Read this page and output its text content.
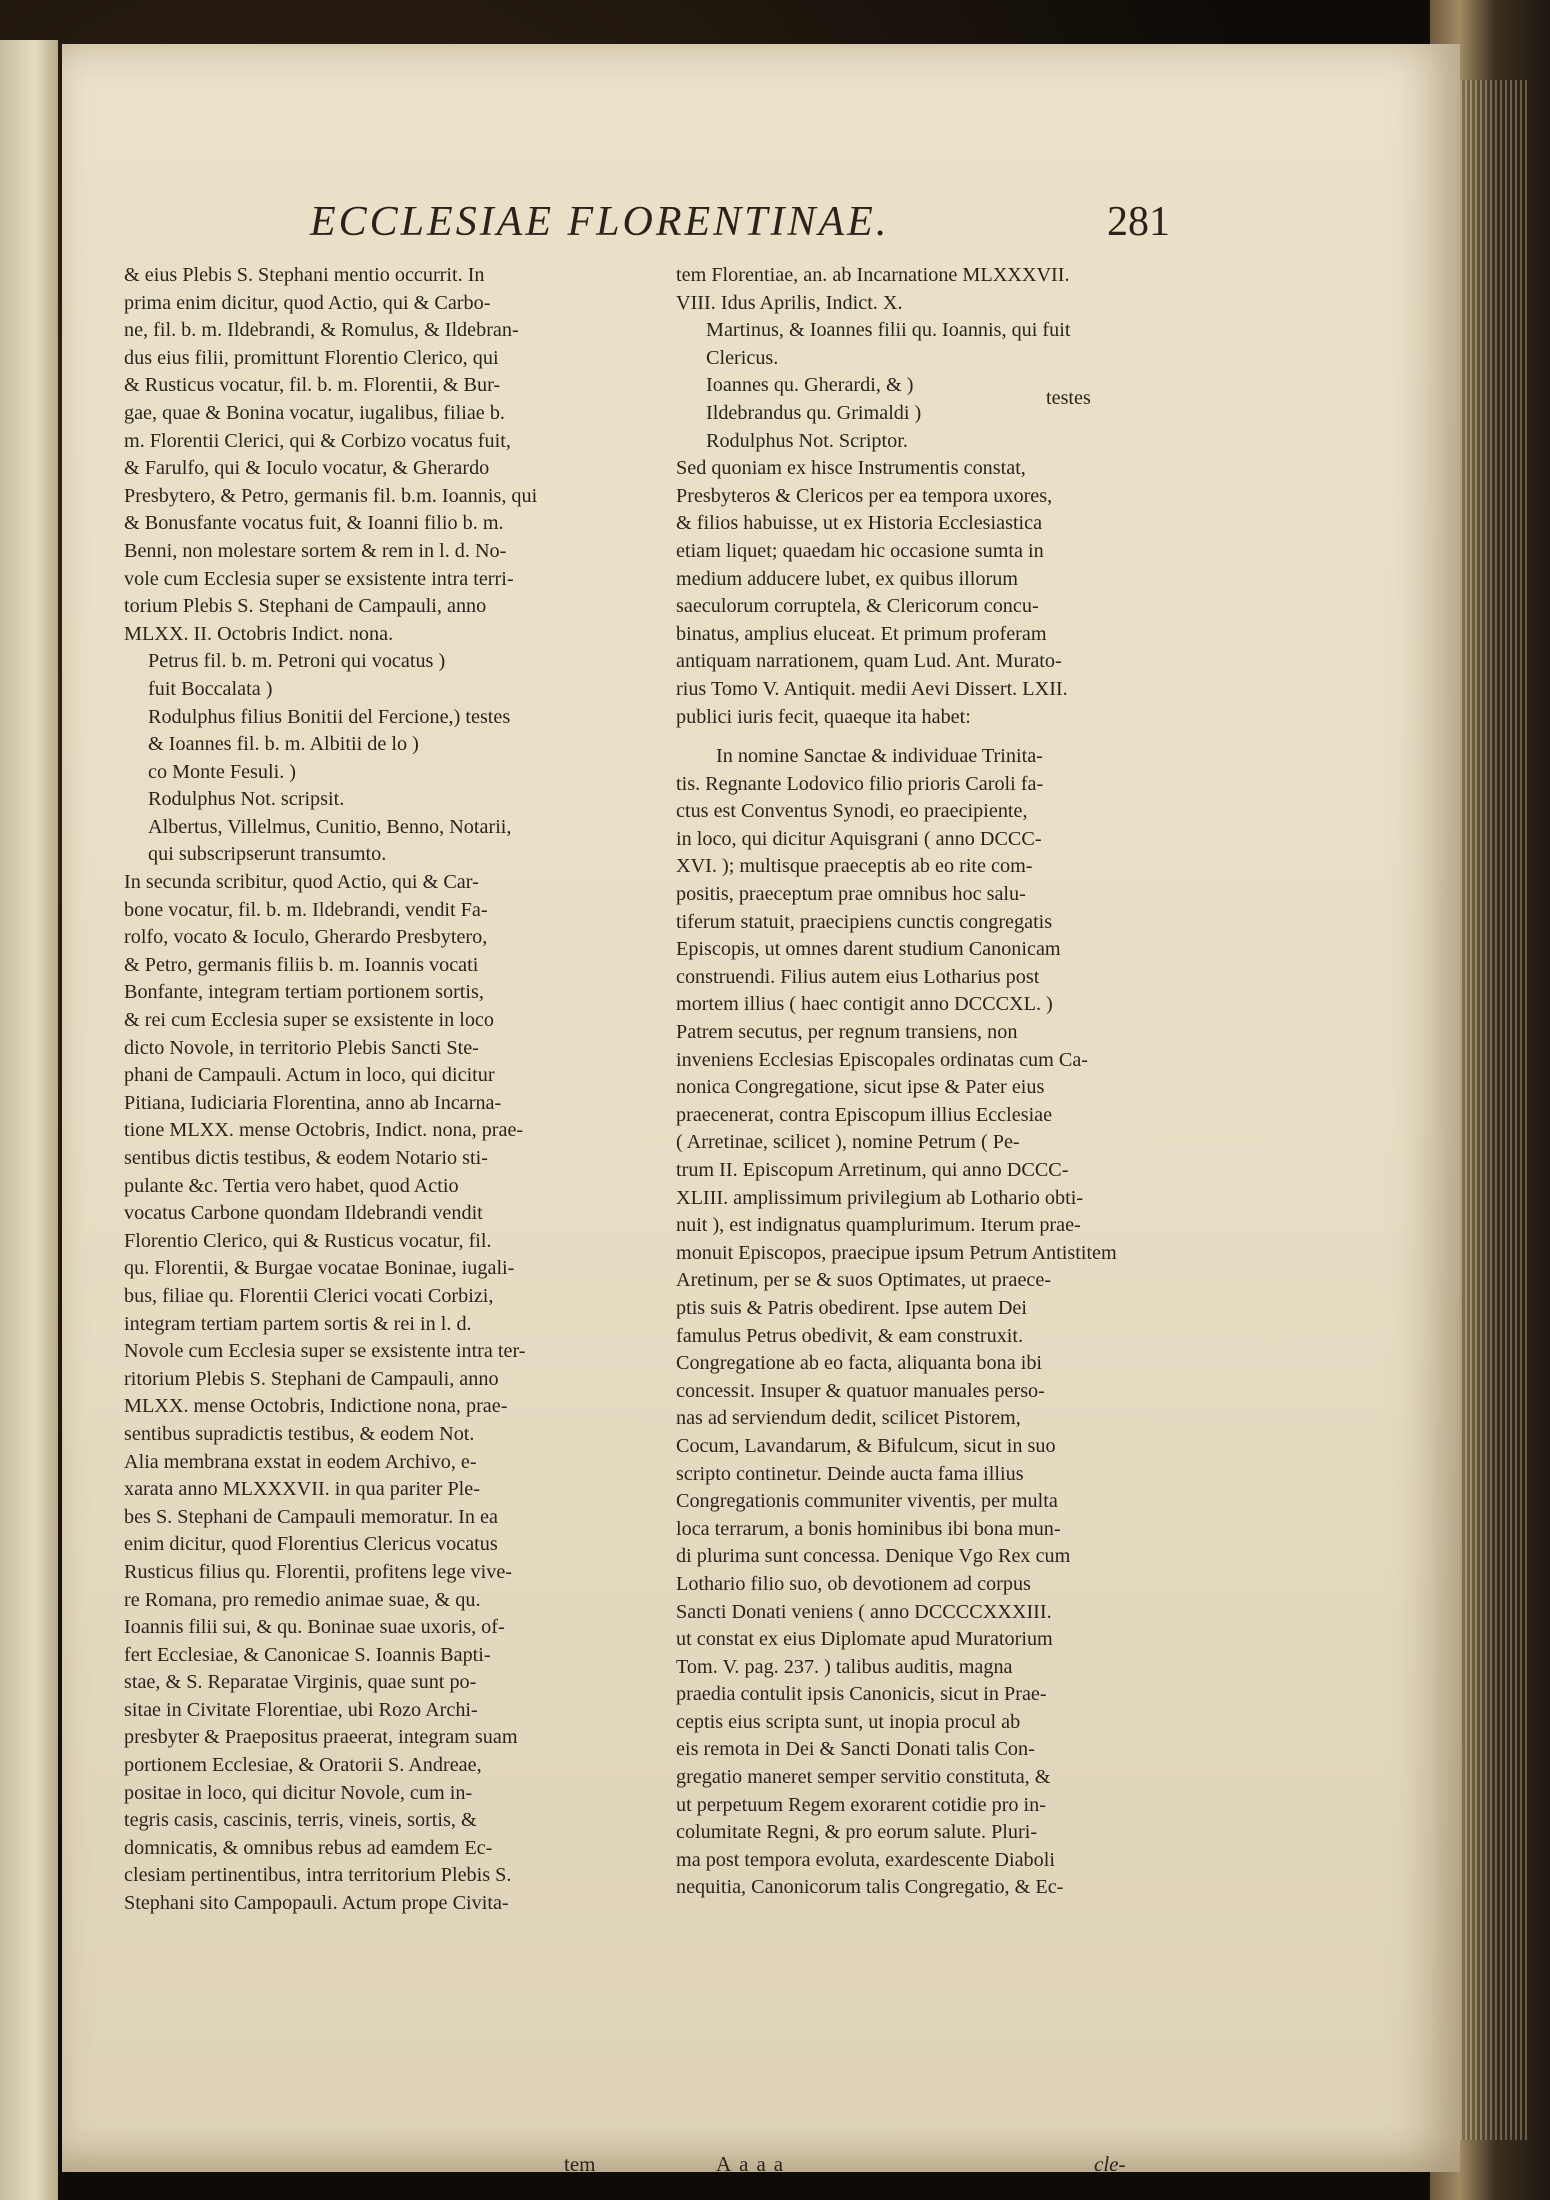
ECCLESIAE FLORENTINAE.	281
& eius Plebis S. Stephani mentio occurrit. In
prima enim dicitur, quod Actio, qui & Carbo-
ne, fil. b. m. Ildebrandi, & Romulus, & Ildebran-
dus eius filii, promittunt Florentio Clerico, qui
& Rusticus vocatur, fil. b. m. Florentii, & Bur-
gae, quae & Bonina vocatur, iugalibus, filiae b.
m. Florentii Clerici, qui & Corbizo vocatus fuit,
& Farulfo, qui & Ioculo vocatur, & Gherardo
Presbytero, & Petro, germanis fil. b.m. Ioannis, qui
& Bonusfante vocatus fuit, & Ioanni filio b. m.
Benni, non molestare sortem & rem in l. d. No-
vole cum Ecclesia super se exsistente intra terri-
torium Plebis S. Stephani de Campauli, anno
MLXX. II. Octobris Indict. nona.
Petrus fil. b. m. Petroni qui vocatus )
fuit Boccalata )
Rodulphus filius Bonitii del Fercione,) testes
& Ioannes fil. b. m. Albitii de lo )
co Monte Fesuli. )
Rodulphus Not. scripsit.
Albertus, Villelmus, Cunitio, Benno, Notarii,
qui subscripserunt transumto.
In secunda scribitur, quod Actio, qui & Car-
bone vocatur, fil. b. m. Ildebrandi, vendit Fa-
rolfo, vocato & Ioculo, Gherardo Presbytero,
& Petro, germanis filiis b. m. Ioannis vocati
Bonfante, integram tertiam portionem sortis,
& rei cum Ecclesia super se exsistente in loco
dicto Novole, in territorio Plebis Sancti Ste-
phani de Campauli. Actum in loco, qui dicitur
Pitiana, Iudiciaria Florentina, anno ab Incarna-
tione MLXX. mense Octobris, Indict. nona, prae-
sentibus dictis testibus, & eodem Notario sti-
pulante &c. Tertia vero habet, quod Actio
vocatus Carbone quondam Ildebrandi vendit
Florentio Clerico, qui & Rusticus vocatur, fil.
qu. Florentii, & Burgae vocatae Boninae, iugali-
bus, filiae qu. Florentii Clerici vocati Corbizi,
integram tertiam partem sortis & rei in l. d.
Novole cum Ecclesia super se exsistente intra ter-
ritorium Plebis S. Stephani de Campauli, anno
MLXX. mense Octobris, Indictione nona, prae-
sentibus supradictis testibus, & eodem Not.
Alia membrana exstat in eodem Archivo, e-
xarata anno MLXXXVII. in qua pariter Ple-
bes S. Stephani de Campauli memoratur. In ea
enim dicitur, quod Florentius Clericus vocatus
Rusticus filius qu. Florentii, profitens lege vive-
re Romana, pro remedio animae suae, & qu.
Ioannis filii sui, & qu. Boninae suae uxoris, of-
fert Ecclesiae, & Canonicae S. Ioannis Bapti-
stae, & S. Reparatae Virginis, quae sunt po-
sitae in Civitate Florentiae, ubi Rozo Archi-
presbyter & Praepositus praeerat, integram suam
portionem Ecclesiae, & Oratorii S. Andreae,
positae in loco, qui dicitur Novole, cum in-
tegris casis, cascinis, terris, vineis, sortis, &
domnicatis, & omnibus rebus ad eamdem Ec-
clesiam pertinentibus, intra territorium Plebis S.
Stephani sito Campopauli. Actum prope Civita-
tem Florentiae, an. ab Incarnatione MLXXXVII.
VIII. Idus Aprilis, Indict. X.
Martinus, & Ioannes filii qu. Ioannis, qui fuit
Clericus.
Ioannes qu. Gherardi, & )
Ildebrandus qu. Grimaldi )
Rodulphus Not. Scriptor.
testes
Sed quoniam ex hisce Instrumentis constat,
Presbyteros & Clericos per ea tempora uxores,
& filios habuisse, ut ex Historia Ecclesiastica
etiam liquet; quaedam hic occasione sumta in
medium adducere lubet, ex quibus illorum
saeculorum corruptela, & Clericorum concu-
binatus, amplius eluceat. Et primum proferam
antiquam narrationem, quam Lud. Ant. Murato-
rius Tomo V. Antiquit. medii Aevi Dissert. LXII.
publici iuris fecit, quaeque ita habet:
In nomine Sanctae & individuae Trinita-
tis. Regnante Lodovico filio prioris Caroli fa-
ctus est Conventus Synodi, eo praecipiente,
in loco, qui dicitur Aquisgrani ( anno DCCC-
XVI. ); multisque praeceptis ab eo rite com-
positis, praeceptum prae omnibus hoc salu-
tiferum statuit, praecipiens cunctis congregatis
Episcopis, ut omnes darent studium Canonicam
construendi. Filius autem eius Lotharius post
mortem illius ( haec contigit anno DCCCXL. )
Patrem secutus, per regnum transiens, non
inveniens Ecclesias Episcopales ordinatas cum Ca-
nonica Congregatione, sicut ipse & Pater eius
praecenerat, contra Episcopum illius Ecclesiae
( Arretinae, scilicet ), nomine Petrum ( Pe-
trum II. Episcopum Arretinum, qui anno DCCC-
XLIII. amplissimum privilegium ab Lothario obti-
nuit ), est indignatus quamplurimum. Iterum prae-
monuit Episcopos, praecipue ipsum Petrum Antistitem
Aretinum, per se & suos Optimates, ut praece-
ptis suis & Patris obedirent. Ipse autem Dei
famulus Petrus obedivit, & eam construxit.
Congregatione ab eo facta, aliquanta bona ibi
concessit. Insuper & quatuor manuales perso-
nas ad serviendum dedit, scilicet Pistorem,
Cocum, Lavandarum, & Bifulcum, sicut in suo
scripto continetur. Deinde aucta fama illius
Congregationis communiter viventis, per multa
loca terrarum, a bonis hominibus ibi bona mun-
di plurima sunt concessa. Denique Vgo Rex cum
Lothario filio suo, ob devotionem ad corpus
Sancti Donati veniens ( anno DCCCCXXXIII.
ut constat ex eius Diplomate apud Muratorium
Tom. V. pag. 237. ) talibus auditis, magna
praedia contulit ipsis Canonicis, sicut in Prae-
ceptis eius scripta sunt, ut inopia procul ab
eis remota in Dei & Sancti Donati talis Con-
gregatio maneret semper servitio constituta, &
ut perpetuum Regem exorarent cotidie pro in-
columitate Regni, & pro eorum salute. Pluri-
ma post tempora evoluta, exardescente Diaboli
nequitia, Canonicorum talis Congregatio, & Ec-
tem	Aaaa	cle-
